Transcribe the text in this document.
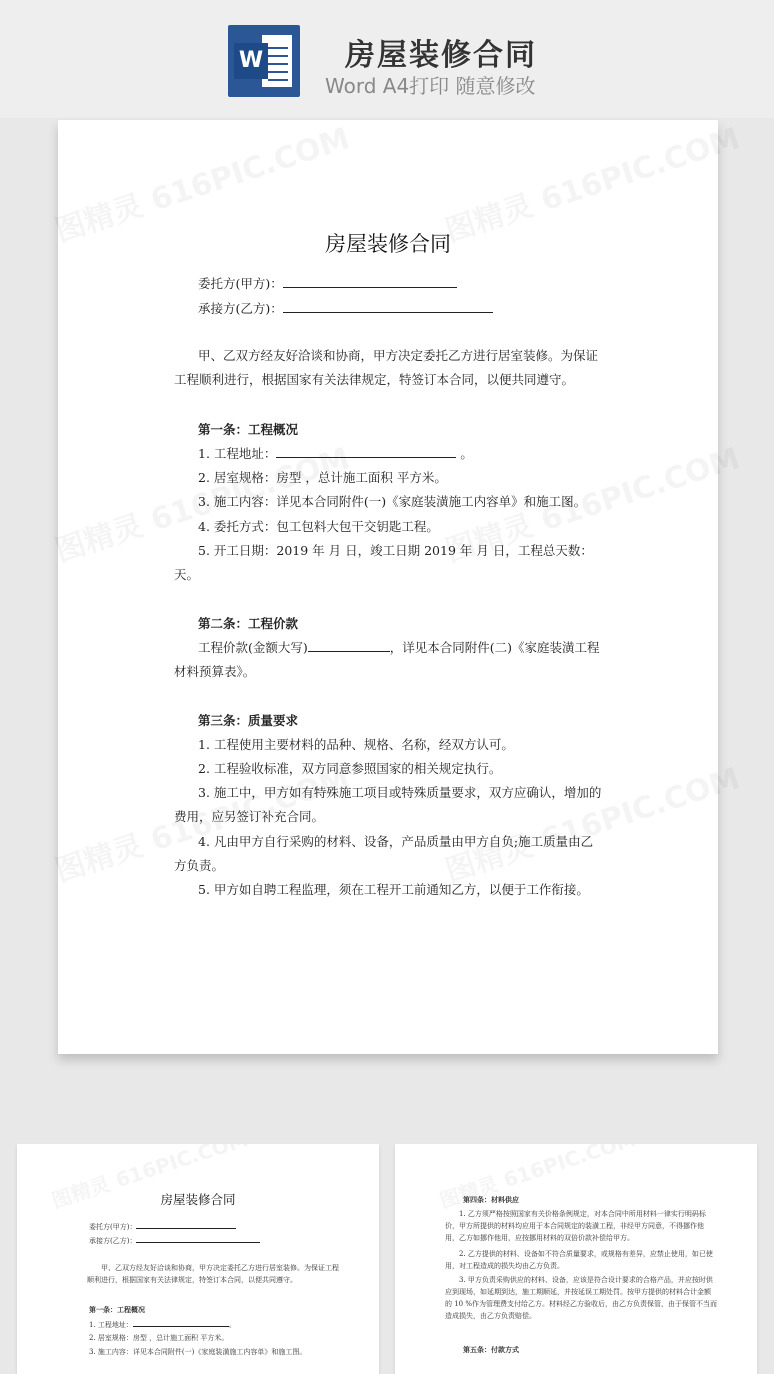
W	房屋装修合同
Word A4打印 随意修改
房屋装修合同
委托方(甲方)：
承接方(乙方)：
甲、乙双方经友好洽谈和协商，甲方决定委托乙方进行居室装修。为保证工程顺利进行，根据国家有关法律规定，特签订本合同，以便共同遵守。
第一条：工程概况
1. 工程地址：	。
2. 居室规格：房型 ，总计施工面积 平方米。
3. 施工内容：详见本合同附件(一)《家庭装潢施工内容单》和施工图。
4. 委托方式：包工包料大包干交钥匙工程。
5. 开工日期：2019 年 月 日，竣工日期 2019 年 月 日，工程总天数：天。
第二条：工程价款
工程价款(金额大写)	，详见本合同附件(二)《家庭装潢工程材料预算表》。
第三条：质量要求
1. 工程使用主要材料的品种、规格、名称，经双方认可。
2. 工程验收标准，双方同意参照国家的相关规定执行。
3. 施工中，甲方如有特殊施工项目或特殊质量要求，双方应确认，增加的费用，应另签订补充合同。
4. 凡由甲方自行采购的材料、设备，产品质量由甲方自负;施工质量由乙方负责。
5. 甲方如自聘工程监理，须在工程开工前通知乙方，以便于工作衔接。
房屋装修合同
委托方(甲方)：
承接方(乙方)：
甲、乙双方经友好洽谈和协商，甲方决定委托乙方进行居室装修。为保证工程顺利进行，根据国家有关法律规定，特签订本合同，以便共同遵守。
第一条：工程概况
1. 工程地址：	。
2. 居室规格：房型 ，总计施工面积 平方米。
3. 施工内容：详见本合同附件(一)《家庭装潢施工内容单》和施工图。
第四条：材料供应
1. 乙方须严格按照国家有关价格条例规定，对本合同中所用材料一律实行明码标价，甲方所提供的材料均应用于本合同规定的装潢工程，非经甲方同意，不得挪作他用，乙方如挪作他用，应按挪用材料的双倍价款补偿给甲方。
2. 乙方提供的材料、设备如不符合质量要求，或规格有差异，应禁止使用，如已使用，对工程造成的损失均由乙方负责。
3. 甲方负责采购供应的材料、设备，应该是符合设计要求的合格产品，并应按时供应到现场，如延期到达，施工期顺延，并按延误工期处罚。按甲方提供的材料合计金额的 10 %作为管理费支付给乙方。材料经乙方验收后，由乙方负责保管，由于保管不当而造成损失，由乙方负责赔偿。
第五条：付款方式
